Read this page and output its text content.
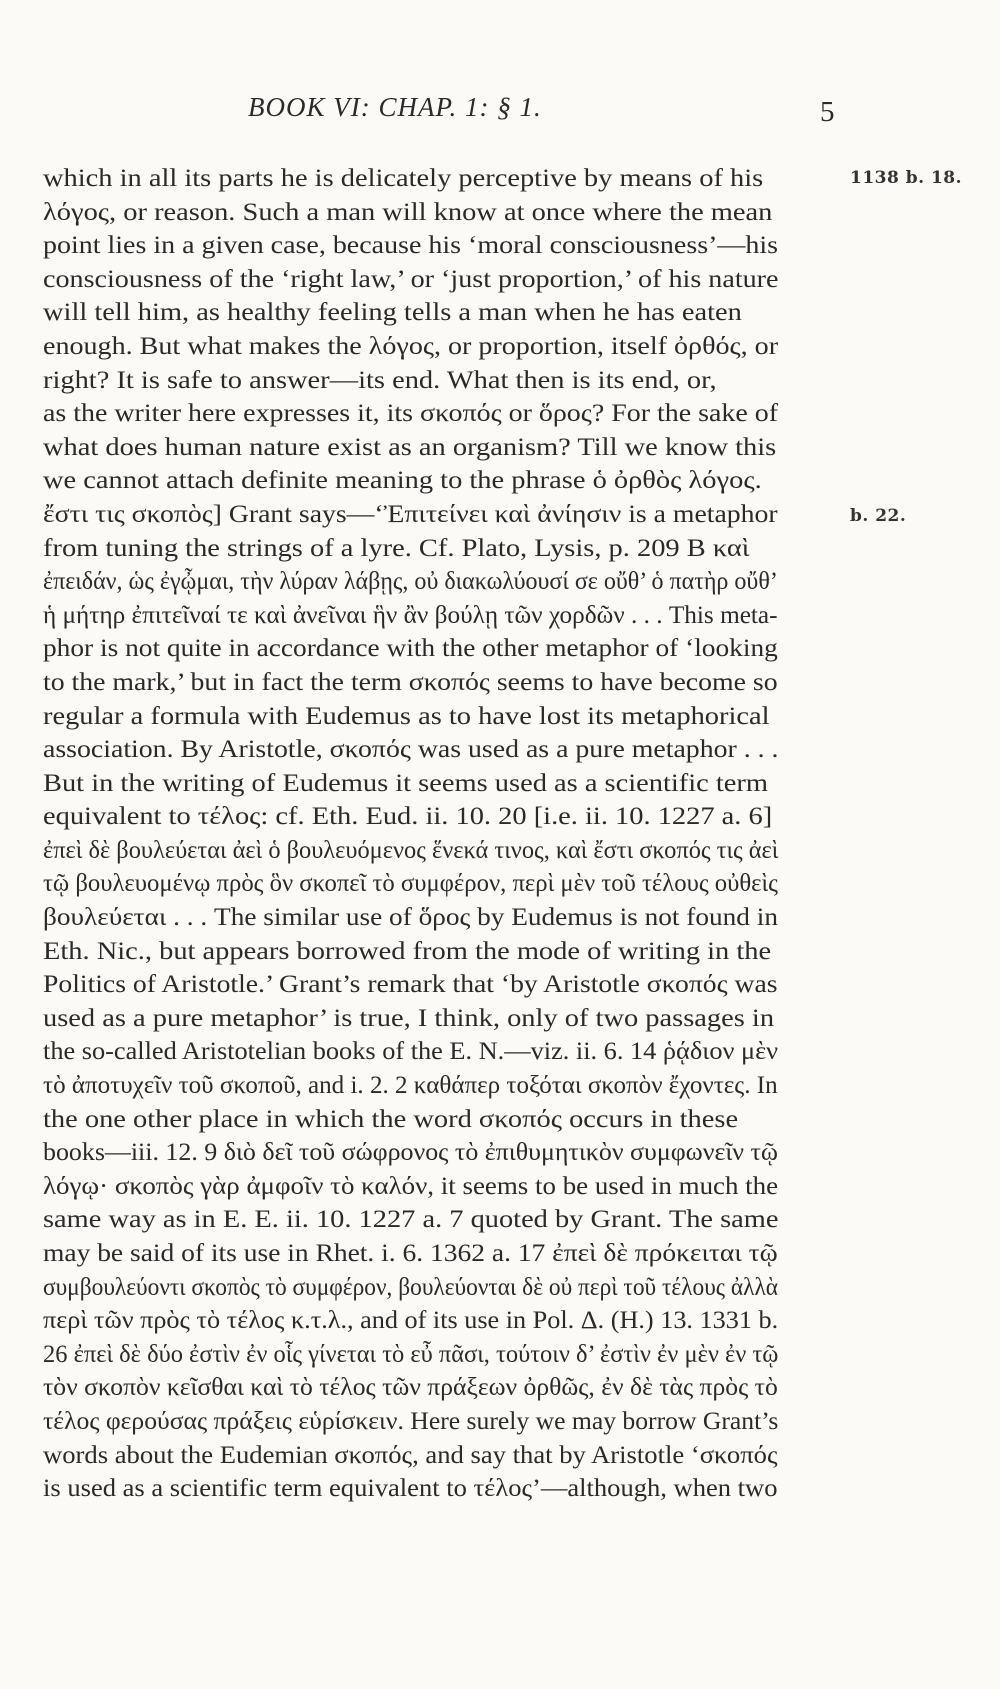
BOOK VI: CHAP. 1: § 1.	5
1138 b. 18.
b. 22.
which in all its parts he is delicately perceptive by means of his
λόγος, or reason. Such a man will know at once where the mean
point lies in a given case, because his ‘moral consciousness’—his
consciousness of the ‘right law,’ or ‘just proportion,’ of his nature
will tell him, as healthy feeling tells a man when he has eaten
enough. But what makes the λόγος, or proportion, itself ὀρθός, or
right? It is safe to answer—its end. What then is its end, or,
as the writer here expresses it, its σκοπός or ὅρος? For the sake of
what does human nature exist as an organism? Till we know this
we cannot attach definite meaning to the phrase ὁ ὀρθὸς λόγος.
ἔστι τις σκοπὸς] Grant says—‘Ἐπιτείνει καὶ ἀνίησιν is a metaphor
from tuning the strings of a lyre. Cf. Plato, Lysis, p. 209 B καὶ
ἐπειδάν, ὡς ἐγᾦμαι, τὴν λύραν λάβῃς, οὐ διακωλύουσί σε οὔθ’ ὁ πατὴρ οὔθ’
ἡ μήτηρ ἐπιτεῖναί τε καὶ ἀνεῖναι ἣν ἂν βούλῃ τῶν χορδῶν . . . This meta-
phor is not quite in accordance with the other metaphor of ‘looking
to the mark,’ but in fact the term σκοπός seems to have become so
regular a formula with Eudemus as to have lost its metaphorical
association. By Aristotle, σκοπός was used as a pure metaphor . . .
But in the writing of Eudemus it seems used as a scientific term
equivalent to τέλος: cf. Eth. Eud. ii. 10. 20 [i.e. ii. 10. 1227 a. 6]
ἐπεὶ δὲ βουλεύεται ἀεὶ ὁ βουλευόμενος ἕνεκά τινος, καὶ ἔστι σκοπός τις ἀεὶ
τῷ βουλευομένῳ πρὸς ὃν σκοπεῖ τὸ συμφέρον, περὶ μὲν τοῦ τέλους οὐθεὶς
βουλεύεται . . . The similar use of ὅρος by Eudemus is not found in
Eth. Nic., but appears borrowed from the mode of writing in the
Politics of Aristotle.’ Grant’s remark that ‘by Aristotle σκοπός was
used as a pure metaphor’ is true, I think, only of two passages in
the so-called Aristotelian books of the E. N.—viz. ii. 6. 14 ῥᾴδιον μὲν
τὸ ἀποτυχεῖν τοῦ σκοποῦ, and i. 2. 2 καθάπερ τοξόται σκοπὸν ἔχοντες. In
the one other place in which the word σκοπός occurs in these
books—iii. 12. 9 διὸ δεῖ τοῦ σώφρονος τὸ ἐπιθυμητικὸν συμφωνεῖν τῷ
λόγῳ· σκοπὸς γὰρ ἀμφοῖν τὸ καλόν, it seems to be used in much the
same way as in E. E. ii. 10. 1227 a. 7 quoted by Grant. The same
may be said of its use in Rhet. i. 6. 1362 a. 17 ἐπεὶ δὲ πρόκειται τῷ
συμβουλεύοντι σκοπὸς τὸ συμφέρον, βουλεύονται δὲ οὐ περὶ τοῦ τέλους ἀλλὰ
περὶ τῶν πρὸς τὸ τέλος κ.τ.λ., and of its use in Pol. Δ. (H.) 13. 1331 b.
26 ἐπεὶ δὲ δύο ἐστὶν ἐν οἷς γίνεται τὸ εὖ πᾶσι, τούτοιν δ’ ἐστὶν ἐν μὲν ἐν τῷ
τὸν σκοπὸν κεῖσθαι καὶ τὸ τέλος τῶν πράξεων ὀρθῶς, ἐν δὲ τὰς πρὸς τὸ
τέλος φερούσας πράξεις εὑρίσκειν. Here surely we may borrow Grant’s
words about the Eudemian σκοπός, and say that by Aristotle ‘σκοπός
is used as a scientific term equivalent to τέλος’—although, when two
